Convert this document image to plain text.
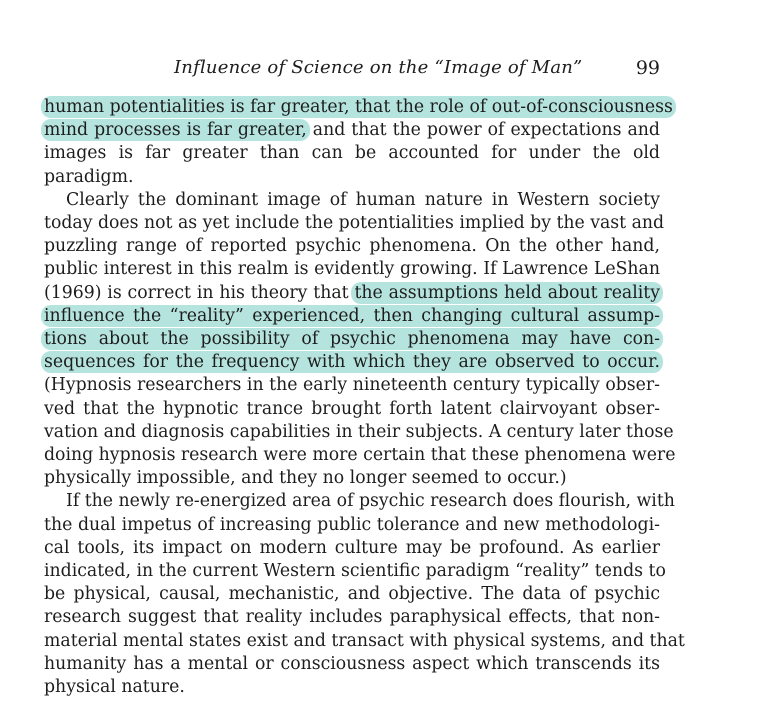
Influence of Science on the “Image of Man”	99
human potentialities is far greater, that the role of out-of-consciousness
mind processes is far greater, and that the power of expectations and
images is far greater than can be accounted for under the old
paradigm.
Clearly the dominant image of human nature in Western society
today does not as yet include the potentialities implied by the vast and
puzzling range of reported psychic phenomena. On the other hand,
public interest in this realm is evidently growing. If Lawrence LeShan
(1969) is correct in his theory that the assumptions held about reality
influence the “reality” experienced, then changing cultural assump-
tions about the possibility of psychic phenomena may have con-
sequences for the frequency with which they are observed to occur.
(Hypnosis researchers in the early nineteenth century typically obser-
ved that the hypnotic trance brought forth latent clairvoyant obser-
vation and diagnosis capabilities in their subjects. A century later those
doing hypnosis research were more certain that these phenomena were
physically impossible, and they no longer seemed to occur.)
If the newly re-energized area of psychic research does flourish, with
the dual impetus of increasing public tolerance and new methodologi-
cal tools, its impact on modern culture may be profound. As earlier
indicated, in the current Western scientific paradigm “reality” tends to
be physical, causal, mechanistic, and objective. The data of psychic
research suggest that reality includes paraphysical effects, that non-
material mental states exist and transact with physical systems, and that
humanity has a mental or consciousness aspect which transcends its
physical nature.
